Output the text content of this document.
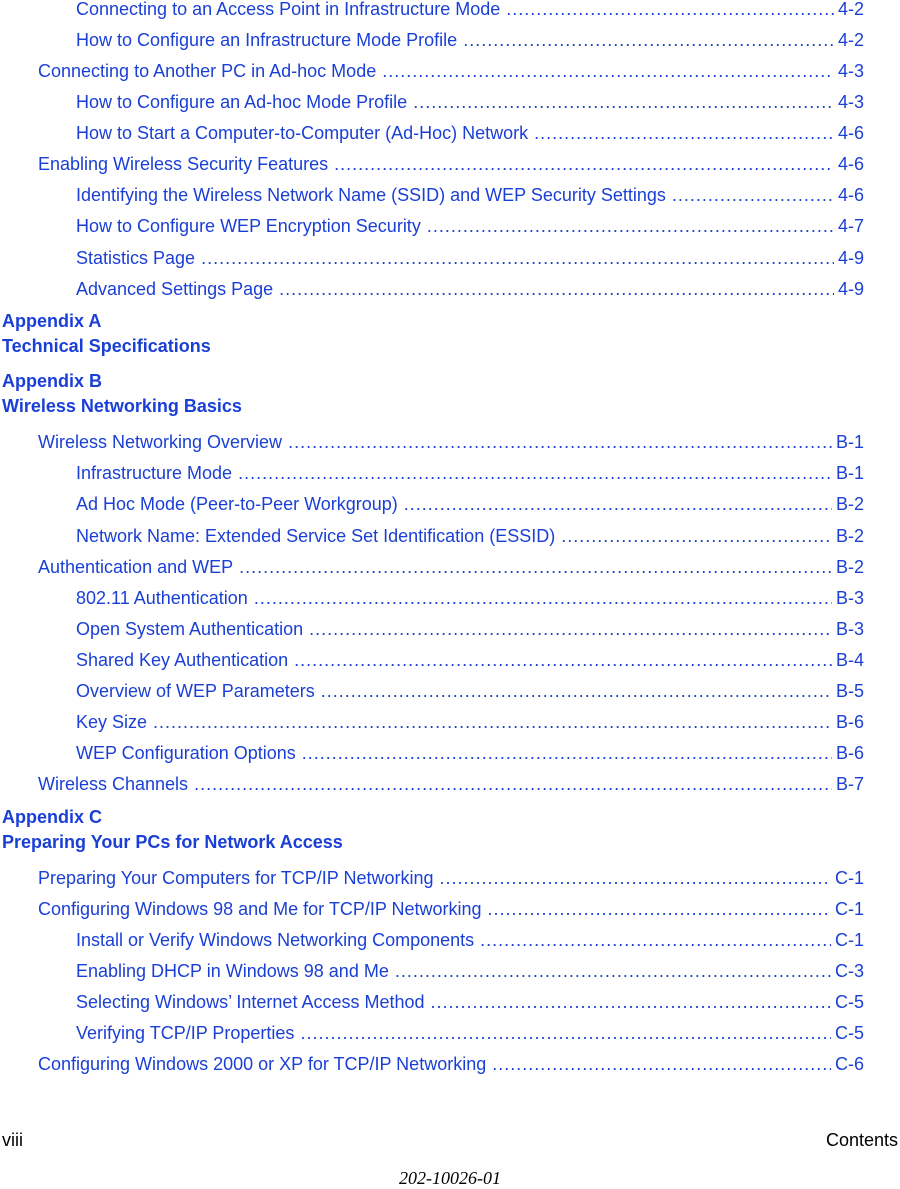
Connecting to an Access Point in Infrastructure Mode .....	4-2
How to Configure an Infrastructure Mode Profile .....	4-2
Connecting to Another PC in Ad-hoc Mode .....	4-3
How to Configure an Ad-hoc Mode Profile .....	4-3
How to Start a Computer-to-Computer (Ad-Hoc) Network .....	4-6
Enabling Wireless Security Features .....	4-6
Identifying the Wireless Network Name (SSID) and WEP Security Settings .....	4-6
How to Configure WEP Encryption Security .....	4-7
Statistics Page .....	4-9
Advanced Settings Page .....	4-9
Appendix A
Technical Specifications
Appendix B
Wireless Networking Basics
Wireless Networking Overview .....	B-1
Infrastructure Mode .....	B-1
Ad Hoc Mode (Peer-to-Peer Workgroup) .....	B-2
Network Name: Extended Service Set Identification (ESSID) .....	B-2
Authentication and WEP .....	B-2
802.11 Authentication .....	B-3
Open System Authentication .....	B-3
Shared Key Authentication .....	B-4
Overview of WEP Parameters .....	B-5
Key Size .....	B-6
WEP Configuration Options .....	B-6
Wireless Channels .....	B-7
Appendix C
Preparing Your PCs for Network Access
Preparing Your Computers for TCP/IP Networking .....	C-1
Configuring Windows 98 and Me for TCP/IP Networking .....	C-1
Install or Verify Windows Networking Components .....	C-1
Enabling DHCP in Windows 98 and Me .....	C-3
Selecting Windows’ Internet Access Method .....	C-5
Verifying TCP/IP Properties .....	C-5
Configuring Windows 2000 or XP for TCP/IP Networking .....	C-6
viii	Contents
202-10026-01
